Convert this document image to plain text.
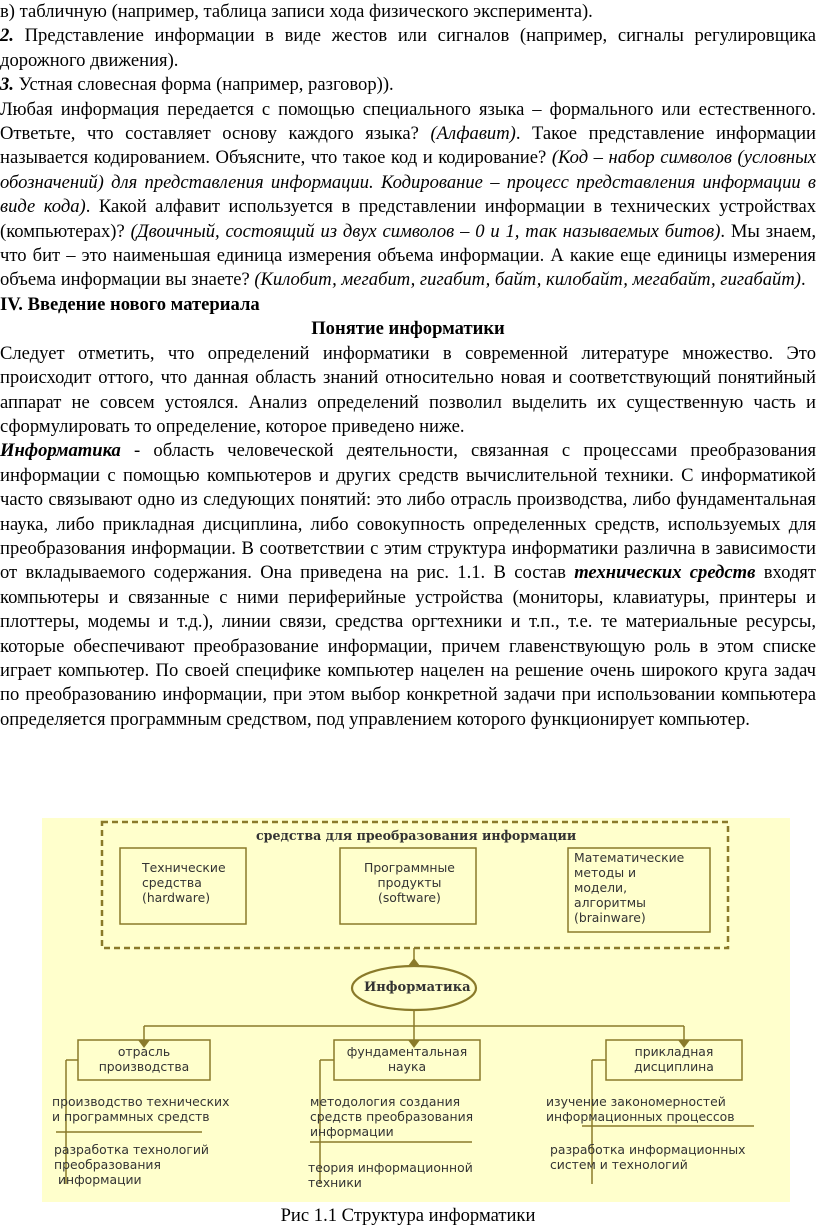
в) табличную (например, таблица записи хода физического эксперимента).

2. Представление информации в виде жестов или сигналов (например, сигналы регулировщика дорожного движения).

3. Устная словесная форма (например, разговор)).

Любая информация передается с помощью специального языка – формального или естественного. Ответьте, что составляет основу каждого языка? (Алфавит). Такое представление информации называется кодированием. Объясните, что такое код и кодирование? (Код – набор символов (условных обозначений) для представления информации. Кодирование – процесс представления информации в виде кода). Какой алфавит используется в представлении информации в технических устройствах (компьютерах)? (Двоичный, состоящий из двух символов – 0 и 1, так называемых битов). Мы знаем, что бит – это наименьшая единица измерения объема информации. А какие еще единицы измерения объема информации вы знаете? (Килобит, мегабит, гигабит, байт, килобайт, мегабайт, гигабайт).

IV. Введение нового материала

Понятие информатики

Следует отметить, что определений информатики в современной литературе множество. Это происходит оттого, что данная область знаний относительно новая и соответствующий понятийный аппарат не совсем устоялся. Анализ определений позволил выделить их существенную часть и сформулировать то определение, которое приведено ниже.

Информатика - область человеческой деятельности, связанная с процессами преобразования информации с помощью компьютеров и других средств вычислительной техники. С информатикой часто связывают одно из следующих понятий: это либо отрасль производства, либо фундаментальная наука, либо прикладная дисциплина, либо совокупность определенных средств, используемых для преобразования информации. В соответствии с этим структура информатики различна в зависимости от вкладываемого содержания. Она приведена на рис. 1.1. В состав технических средств входят компьютеры и связанные с ними периферийные устройства (мониторы, клавиатуры, принтеры и плоттеры, модемы и т.д.), линии связи, средства оргтехники и т.п., т.е. те материальные ресурсы, которые обеспечивают преобразование информации, причем главенствующую роль в этом списке играет компьютер. По своей специфике компьютер нацелен на решение очень широкого круга задач по преобразованию информации, при этом выбор конкретной задачи при использовании компьютера определяется программным средством, под управлением которого функционирует компьютер.

средства для преобразования информации
Технические
средства
(hardware)
Программные
продукты
(software)
Математические
методы и
модели,
алгоритмы
(brainware)
Информатика
отрасль
производства
фундаментальная
наука
прикладная
дисциплина
производство технических
и программных средств
разработка технологий
преобразования
информации
методология создания
средств преобразования
информации
теория информационной
техники
изучение закономерностей
информационных процессов
разработка информационных
систем и технологий
Рис 1.1 Структура информатики
